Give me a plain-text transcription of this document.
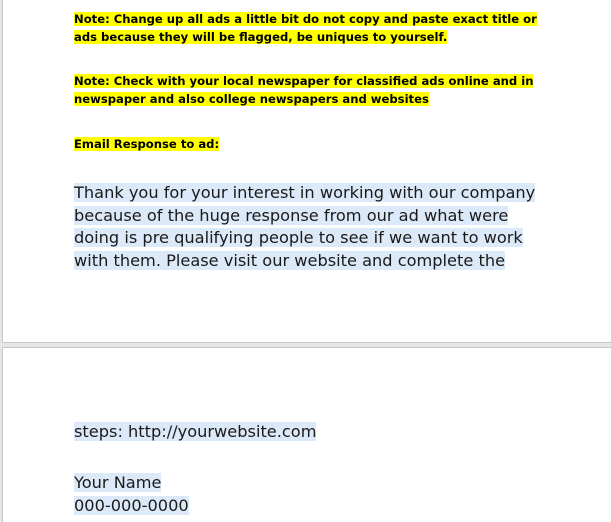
Note: Change up all ads a little bit do not copy and paste exact title or ads because they will be flagged, be uniques to yourself.

Note: Check with your local newspaper for classified ads online and in newspaper and also college newspapers and websites

Email Response to ad:

Thank you for your interest in working with our company
because of the huge response from our ad what were
doing is pre qualifying people to see if we want to work
with them. Please visit our website and complete the

steps: http://yourwebsite.com

Your Name
000-000-0000
